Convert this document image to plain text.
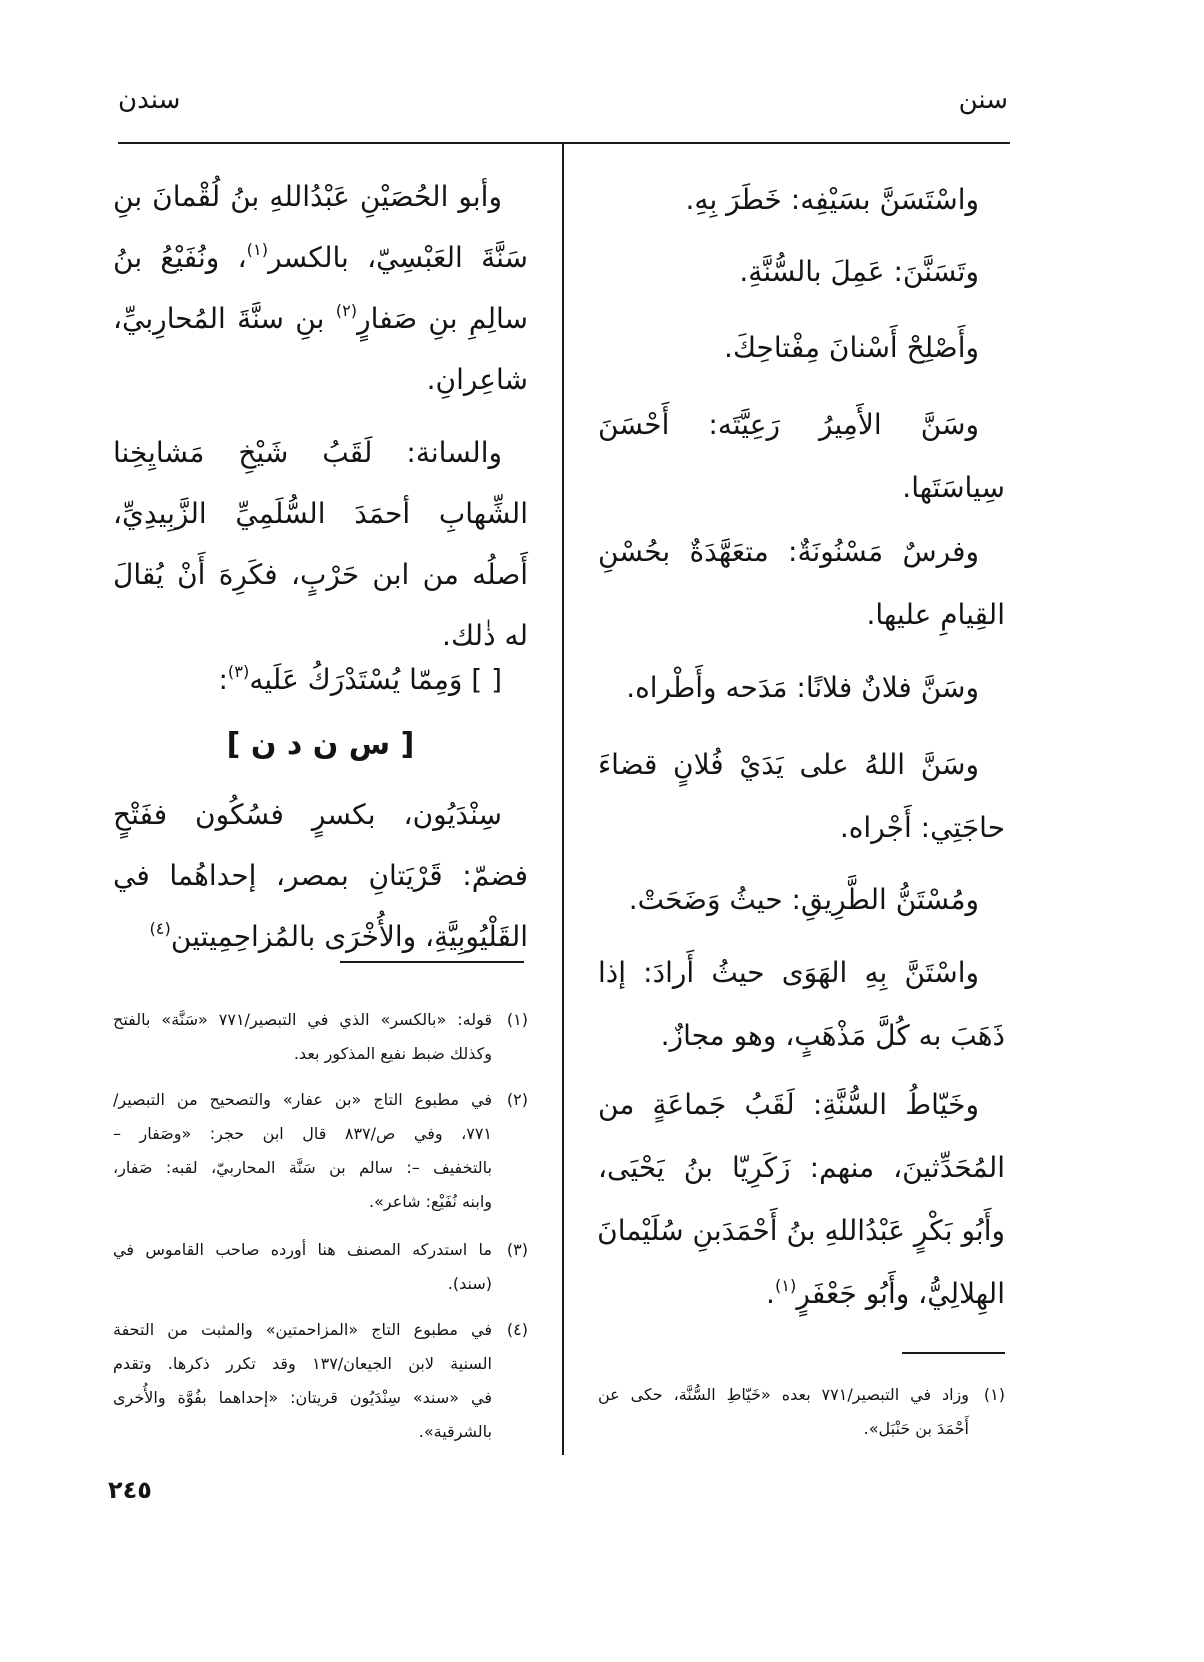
سنن
سندن
واسْتَسَنَّ بسَيْفِه: خَطَرَ بِهِ.
وتَسَنَّنَ: عَمِلَ بالسُّنَّةِ.
وأَصْلِحْ أَسْنانَ مِفْتاحِكَ.
وسَنَّ الأَمِيرُ رَعِيَّتَه: أَحْسَنَ
سِياسَتَها.
وفرسٌ مَسْنُونَةٌ: متعَهَّدَةٌ بحُسْنِ
القِيامِ عليها.
وسَنَّ فلانٌ فلانًا: مَدَحه وأَطْراه.
وسَنَّ اللهُ على يَدَيْ فُلانٍ قضاءَ
حاجَتِي: أَجْراه.
ومُسْتَنُّ الطَّرِيقِ: حيثُ وَضَحَتْ.
واسْتَنَّ بِهِ الهَوَى حيثُ أَرادَ: إذا
ذَهَبَ به كُلَّ مَذْهَبٍ، وهو مجازٌ.
وخَيّاطُ السُّنَّةِ: لَقَبُ جَماعَةٍ من
المُحَدِّثينَ، منهم: زَكَرِيّا بنُ يَحْيَى،
وأَبُو بَكْرٍ عَبْدُاللهِ بنُ أَحْمَدَبنِ سُلَيْمانَ
الهِلالِيُّ، وأَبُو جَعْفَرٍ$^{(١)}$.
(١)
وزاد في التبصير/٧٧١ بعده «خَيّاطِ السُّنَّة، حكى عن
أَحْمَدَ بن حَنْبَل».
وأبو الحُصَيْنِ عَبْدُاللهِ بنُ لُقْمانَ بنِ
سَنَّةَ العَبْسِيّ، بالكسر$^{(١)}$، ونُفَيْعُ بنُ
سالِمِ بنِ صَفارٍ$^{(٢)}$ بنِ سنَّةَ المُحارِبيِّ،
شاعِرانِ.
والسانة: لَقَبُ شَيْخِ مَشايِخِنا
الشِّهابِ أحمَدَ السُّلَمِيِّ الزَّبِيدِيِّ،
أَصلُه من ابن حَرْبٍ، فكَرِهَ أَنْ يُقالَ
له ذٰلك.
[ ] وَمِمّا يُسْتَدْرَكُ عَلَيه$^{(٣)}$:
[ س ن د ن ]
سِنْدَيُون، بكسرٍ فسُكُون ففَتْحٍ
فضمّ: قَرْيَتانِ بمصر، إحداهُما في
القَلْيُوبِيَّةِ، والأُخْرَى بالمُزاحِمِيتين$^{(٤)}$
(١)
قوله: «بالكسر» الذي في التبصير/٧٧١ «سَنَّة» بالفتح
وكذلك ضبط نفيع المذكور بعد.
(٢)
في مطبوع التاج «بن عفار» والتصحيح من التبصير/
٧٧١، وفي ص/٨٣٧ قال ابن حجر: «وصَفار –
بالتخفيف –: سالم بن سَنَّة المحاربيّ، لقبه: صَفار،
وابنه نُفَيْع: شاعر».
(٣)
ما استدركه المصنف هنا أورده صاحب القاموس في
(سند).
(٤)
في مطبوع التاج «المزاحمتين» والمثبت من التحفة
السنية لابن الجيعان/١٣٧ وقد تكرر ذكرها. وتقدم
في «سند» سِنْدَيُون قريتان: «إحداهما بفُوَّة والأُخرى
بالشرقية».
٢٤٥
